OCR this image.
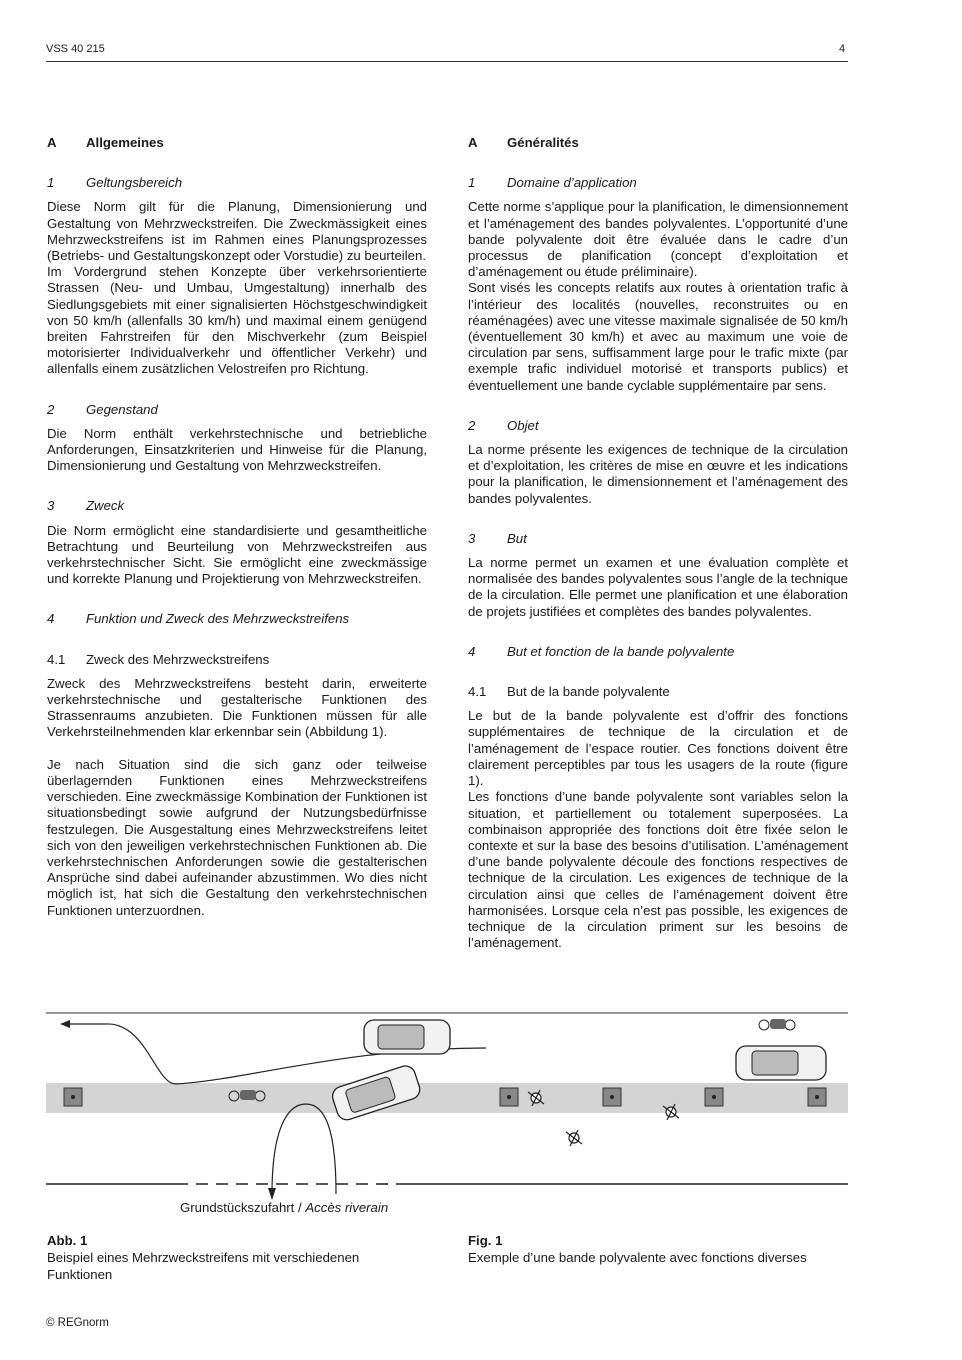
VSS 40 215	4
A	Allgemeines
1	Geltungsbereich

Diese Norm gilt für die Planung, Dimensionierung und Gestaltung von Mehrzweckstreifen. Die Zweckmässigkeit eines Mehrzweckstreifens ist im Rahmen eines Planungsprozesses (Betriebs- und Gestaltungskonzept oder Vorstudie) zu beurteilen.

Im Vordergrund stehen Konzepte über verkehrsorientierte Strassen (Neu- und Umbau, Umgestaltung) innerhalb des Siedlungsgebiets mit einer signalisierten Höchstgeschwindigkeit von 50 km/h (allenfalls 30 km/h) und maximal einem genügend breiten Fahrstreifen für den Mischverkehr (zum Beispiel motorisierter Individualverkehr und öffentlicher Verkehr) und allenfalls einem zusätzlichen Velostreifen pro Richtung.

2	Gegenstand

Die Norm enthält verkehrstechnische und betriebliche Anforderungen, Einsatzkriterien und Hinweise für die Planung, Dimensionierung und Gestaltung von Mehrzweckstreifen.

3	Zweck

Die Norm ermöglicht eine standardisierte und gesamtheitliche Betrachtung und Beurteilung von Mehrzweckstreifen aus verkehrstechnischer Sicht. Sie ermöglicht eine zweckmässige und korrekte Planung und Projektierung von Mehrzweckstreifen.

4	Funktion und Zweck des Mehrzweckstreifens
4.1	Zweck des Mehrzweckstreifens

Zweck des Mehrzweckstreifens besteht darin, erweiterte verkehrstechnische und gestalterische Funktionen des Strassenraums anzubieten. Die Funktionen müssen für alle Verkehrsteilnehmenden klar erkennbar sein (Abbildung 1).

Je nach Situation sind die sich ganz oder teilweise überlagernden Funktionen eines Mehrzweckstreifens verschieden. Eine zweckmässige Kombination der Funktionen ist situationsbedingt sowie aufgrund der Nutzungsbedürfnisse festzulegen. Die Ausgestaltung eines Mehrzweckstreifens leitet sich von den jeweiligen verkehrstechnischen Funktionen ab. Die verkehrstechnischen Anforderungen sowie die gestalterischen Ansprüche sind dabei aufeinander abzustimmen. Wo dies nicht möglich ist, hat sich die Gestaltung den verkehrstechnischen Funktionen unterzuordnen.

A	Généralités
1	Domaine d’application

Cette norme s’applique pour la planification, le dimensionnement et l’aménagement des bandes polyvalentes. L’opportunité d’une bande polyvalente doit être évaluée dans le cadre d’un processus de planification (concept d’exploitation et d’aménagement ou étude préliminaire).

Sont visés les concepts relatifs aux routes à orientation trafic à l’intérieur des localités (nouvelles, reconstruites ou en réaménagées) avec une vitesse maximale signalisée de 50 km/h (éventuellement 30 km/h) et avec au maximum une voie de circulation par sens, suffisamment large pour le trafic mixte (par exemple trafic individuel motorisé et transports publics) et éventuellement une bande cyclable supplémentaire par sens.

2	Objet

La norme présente les exigences de technique de la circulation et d’exploitation, les critères de mise en œuvre et les indications pour la planification, le dimensionnement et l’aménagement des bandes polyvalentes.

3	But

La norme permet un examen et une évaluation complète et normalisée des bandes polyvalentes sous l’angle de la technique de la circulation. Elle permet une planification et une élaboration de projets justifiées et complètes des bandes polyvalentes.

4	But et fonction de la bande polyvalente
4.1	But de la bande polyvalente

Le but de la bande polyvalente est d’offrir des fonctions supplémentaires de technique de la circulation et de l’aménagement de l’espace routier. Ces fonctions doivent être clairement perceptibles par tous les usagers de la route (figure 1).

Les fonctions d’une bande polyvalente sont variables selon la situation, et partiellement ou totalement superposées. La combinaison appropriée des fonctions doit être fixée selon le contexte et sur la base des besoins d’utilisation. L’aménagement d’une bande polyvalente découle des fonctions respectives de technique de la circulation. Les exigences de technique de la circulation ainsi que celles de l’aménagement doivent être harmonisées. Lorsque cela n’est pas possible, les exigences de technique de la circulation priment sur les besoins de l’aménagement.

Grundstückszufahrt / Accès riverain
Abb. 1
Beispiel eines Mehrzweckstreifens mit verschiedenen Funktionen
Fig. 1
Exemple d’une bande polyvalente avec fonctions diverses
© REGnorm
